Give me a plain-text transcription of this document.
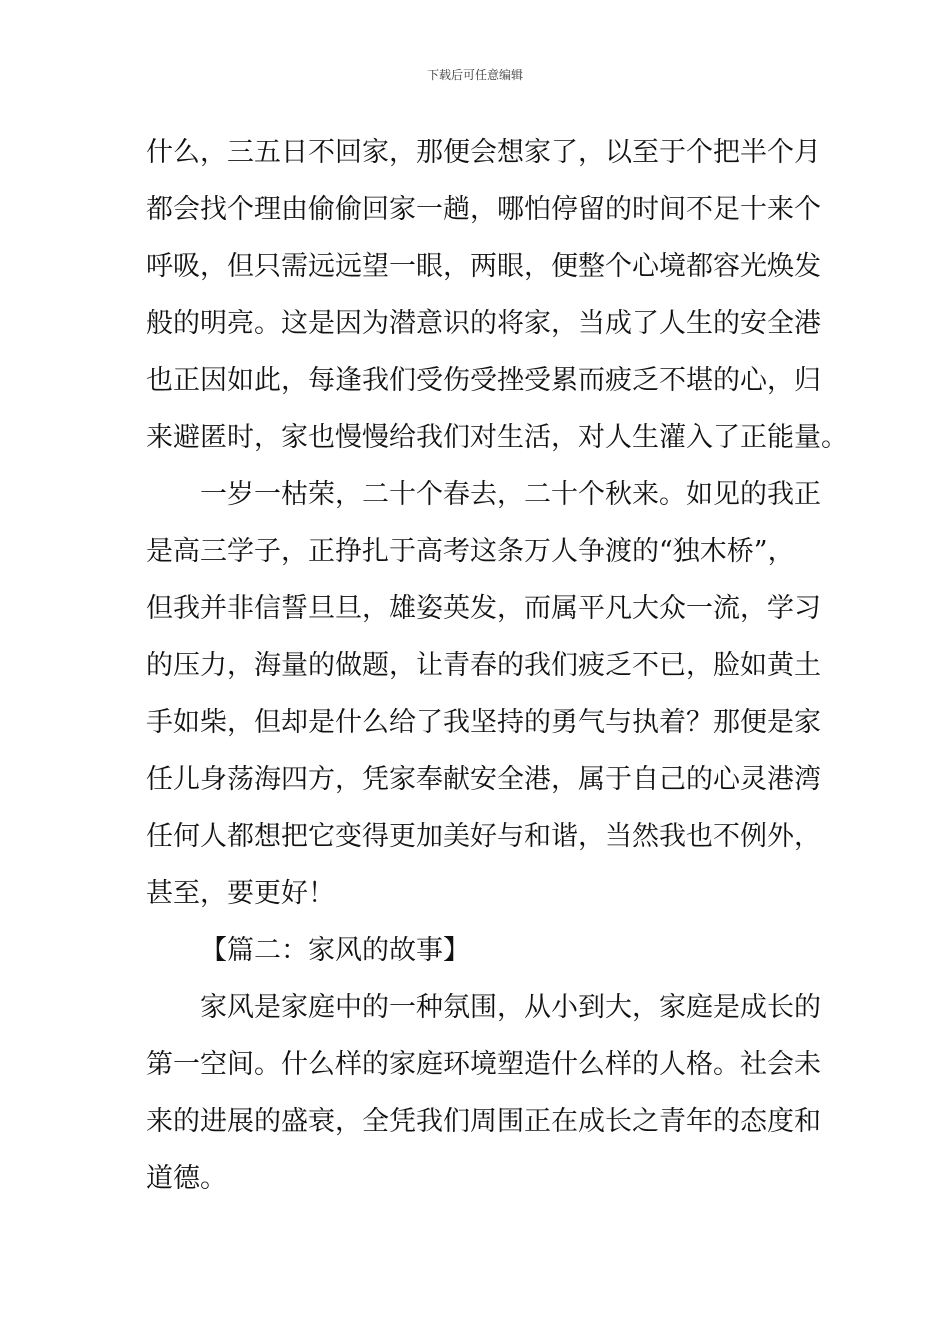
下载后可任意编辑
什么，三五日不回家，那便会想家了，以至于个把半个月
都会找个理由偷偷回家一趟，哪怕停留的时间不足十来个
呼吸，但只需远远望一眼，两眼，便整个心境都容光焕发
般的明亮。这是因为潜意识的将家，当成了人生的安全港
也正因如此，每逢我们受伤受挫受累而疲乏不堪的心，归
来避匿时，家也慢慢给我们对生活，对人生灌入了正能量。
一岁一枯荣，二十个春去，二十个秋来。如见的我正
是高三学子，正挣扎于高考这条万人争渡的“独木桥”，
但我并非信誓旦旦，雄姿英发，而属平凡大众一流，学习
的压力，海量的做题，让青春的我们疲乏不已，脸如黄土
手如柴，但却是什么给了我坚持的勇气与执着？那便是家
任儿身荡海四方，凭家奉献安全港，属于自己的心灵港湾
任何人都想把它变得更加美好与和谐，当然我也不例外，
甚至，要更好！
【篇二：家风的故事】
家风是家庭中的一种氛围，从小到大，家庭是成长的
第一空间。什么样的家庭环境塑造什么样的人格。社会未
来的进展的盛衰，全凭我们周围正在成长之青年的态度和
道德。
